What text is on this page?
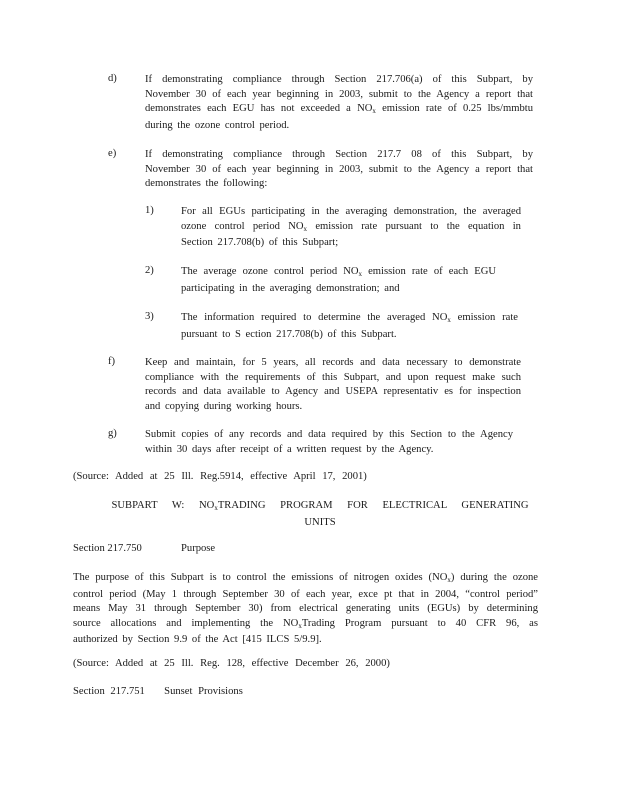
d)	If demonstrating compliance through Section 217.706(a) of this Subpart, by
November 30 of each year beginning in 2003, submit to the Agency a report that
demonstrates each EGU has not exceeded a $NO_x$ emission rate of 0.25 lbs/mmbtu
during the ozone control period.
e)	If demonstrating compliance through Section 217.7 08 of this Subpart, by
November 30 of each year beginning in 2003, submit to the Agency a report that
demonstrates the following:
1)	For all EGUs participating in the averaging demonstration, the averaged
ozone control period $NO_x$ emission rate pursuant to the equation in
Section 217.708(b) of this Subpart;
2)	The average ozone control period $NO_x$ emission rate of each EGU
participating in the averaging demonstration; and
3)	The information required to determine the averaged $NO_x$ emission rate
pursuant to S ection 217.708(b) of this Subpart.
f)	Keep and maintain, for 5 years, all records and data necessary to demonstrate
compliance with the requirements of this Subpart, and upon request make such
records and data available to Agency and USEPA representativ es for inspection
and copying during working hours.
g)	Submit copies of any records and data required by this Section to the Agency
within 30 days after receipt of a written request by the Agency.
(Source: Added at 25 Ill. Reg.5914, effective April 17, 2001)
SUBPART W: $NO_xTRADING$ PROGRAM FOR ELECTRICAL GENERATING
UNITS
Section 217.750	Purpose
The purpose of this Subpart is to control the emissions of nitrogen oxides $(NO_x)$ during the ozone
control period (May 1 through September 30 of each year, exce pt that in 2004, “control period”
means May 31 through September 30) from electrical generating units (EGUs) by determining
source allocations and implementing the $NO_xTrading$ Program pursuant to 40 CFR 96, as
authorized by Section 9.9 of the Act [415 ILCS 5/9.9].
(Source: Added at 25 Ill. Reg. 128, effective December 26, 2000)
Section 217.751 Sunset Provisions
